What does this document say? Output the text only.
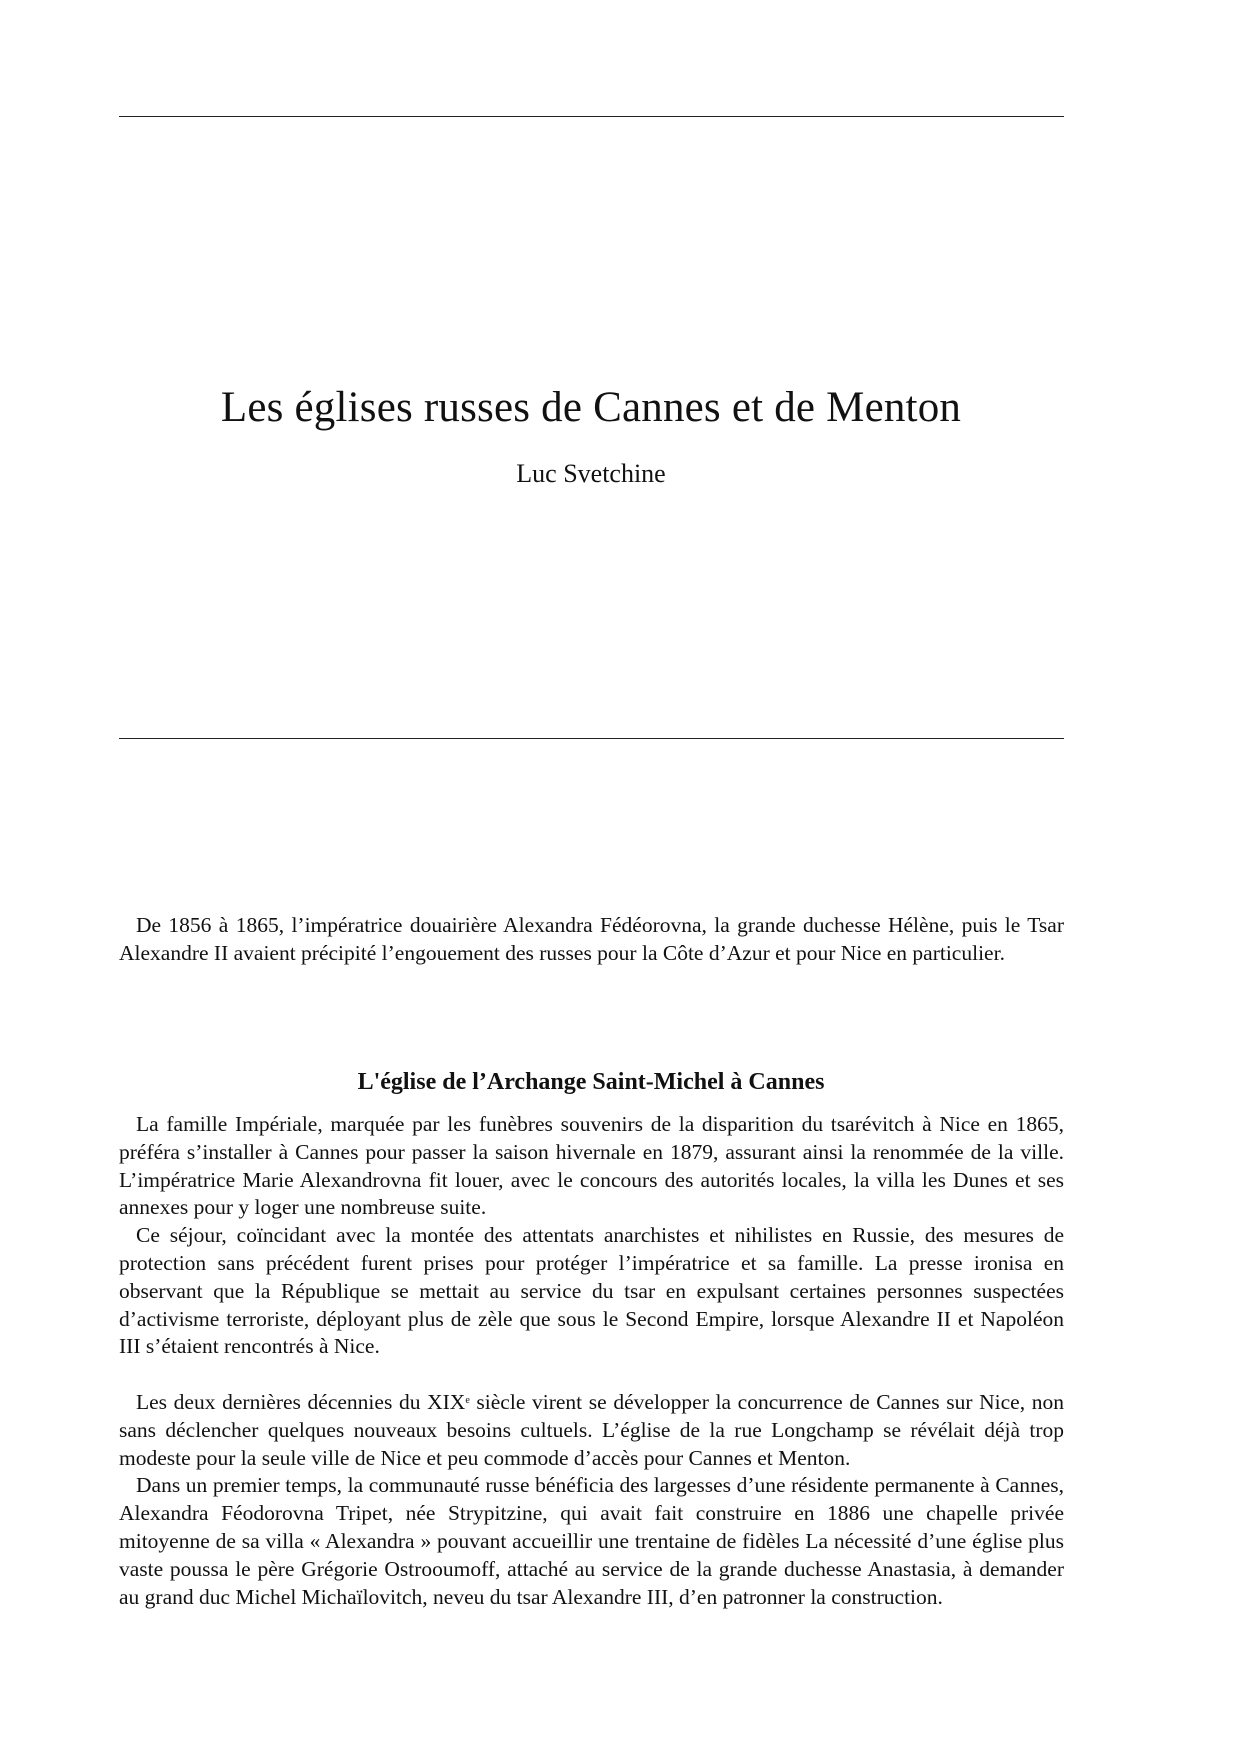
Les églises russes de Cannes et de Menton
Luc Svetchine

De 1856 à 1865, l’impératrice douairière Alexandra Fédéorovna, la grande duchesse Hélène, puis le Tsar Alexandre II avaient précipité l’engouement des russes pour la Côte d’Azur et pour Nice en particulier.

L'église de l’Archange Saint-Michel à Cannes

La famille Impériale, marquée par les funèbres souvenirs de la disparition du tsarévitch à Nice en 1865, préféra s’installer à Cannes pour passer la saison hivernale en 1879, assurant ainsi la renommée de la ville. L’impératrice Marie Alexandrovna fit louer, avec le concours des autorités locales, la villa les Dunes et ses annexes pour y loger une nombreuse suite.

Ce séjour, coïncidant avec la montée des attentats anarchistes et nihilistes en Russie, des mesures de protection sans précédent furent prises pour protéger l’impératrice et sa famille. La presse ironisa en observant que la République se mettait au service du tsar en expulsant certaines personnes suspectées d’activisme terroriste, déployant plus de zèle que sous le Second Empire, lorsque Alexandre II et Napoléon III s’étaient rencontrés à Nice.

Les deux dernières décennies du XIXe siècle virent se développer la concurrence de Cannes sur Nice, non sans déclencher quelques nouveaux besoins cultuels. L’église de la rue Longchamp se révélait déjà trop modeste pour la seule ville de Nice et peu commode d’accès pour Cannes et Menton.

Dans un premier temps, la communauté russe bénéficia des largesses d’une résidente permanente à Cannes, Alexandra Féodorovna Tripet, née Strypitzine, qui avait fait construire en 1886 une chapelle privée mitoyenne de sa villa « Alexandra » pouvant accueillir une trentaine de fidèles La nécessité d’une église plus vaste poussa le père Grégorie Ostrooumoff, attaché au service de la grande duchesse Anastasia, à demander au grand duc Michel Michaïlovitch, neveu du tsar Alexandre III, d’en patronner la construction.
